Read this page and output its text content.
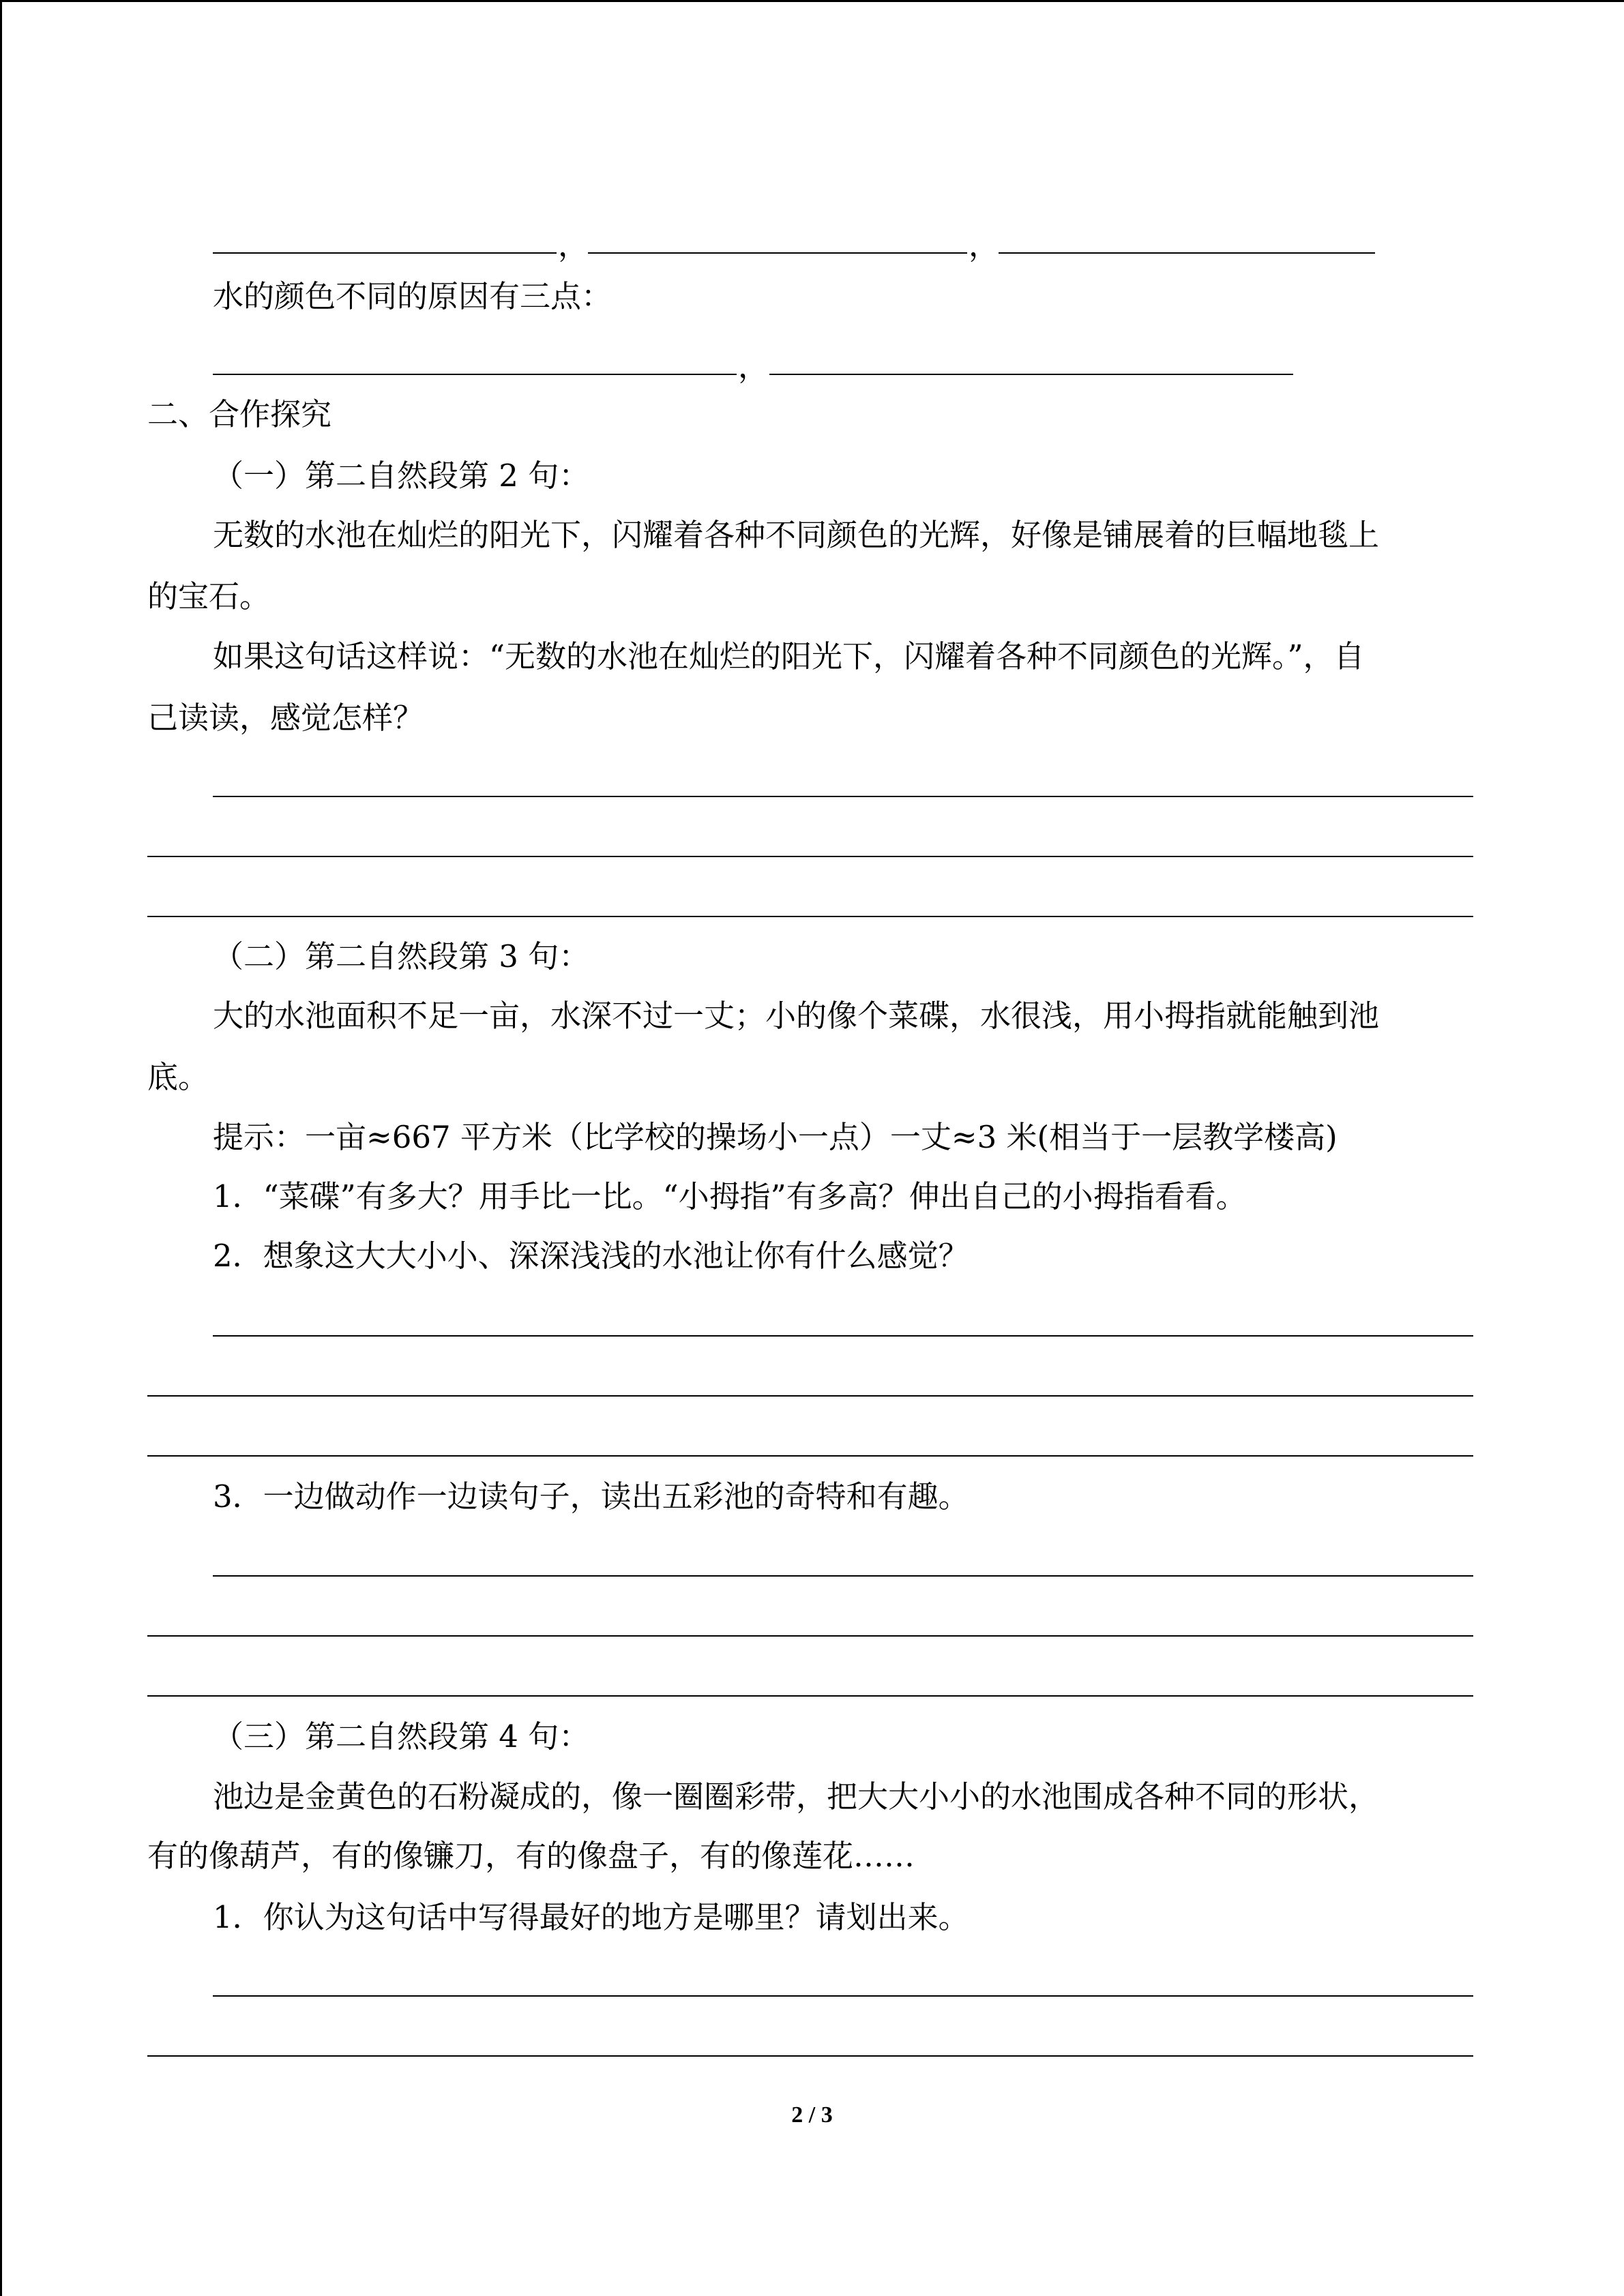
，	，
水的颜色不同的原因有三点：
，
二、合作探究
（一）第二自然段第 2 句：
无数的水池在灿烂的阳光下，闪耀着各种不同颜色的光辉，好像是铺展着的巨幅地毯上
的宝石。
如果这句话这样说：“无数的水池在灿烂的阳光下，闪耀着各种不同颜色的光辉。”，自
己读读，感觉怎样？
（二）第二自然段第 3 句：
大的水池面积不足一亩，水深不过一丈；小的像个菜碟，水很浅，用小拇指就能触到池
底。
提示：一亩≈667 平方米（比学校的操场小一点）一丈≈3 米(相当于一层教学楼高)
1．“菜碟”有多大？用手比一比。“小拇指”有多高？伸出自己的小拇指看看。
2．想象这大大小小、深深浅浅的水池让你有什么感觉？
3．一边做动作一边读句子，读出五彩池的奇特和有趣。
（三）第二自然段第 4 句：
池边是金黄色的石粉凝成的，像一圈圈彩带，把大大小小的水池围成各种不同的形状，
有的像葫芦，有的像镰刀，有的像盘子，有的像莲花……
1．你认为这句话中写得最好的地方是哪里？请划出来。
2 / 3
